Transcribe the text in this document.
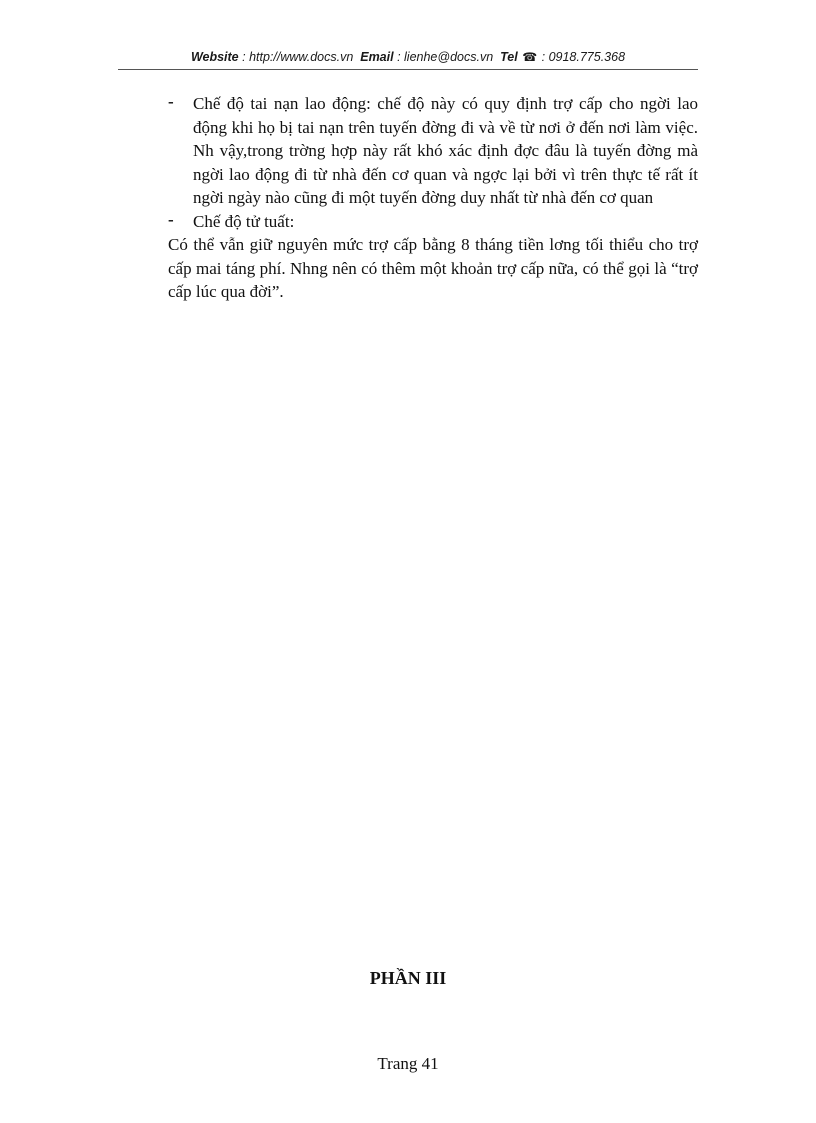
Website : http://www.docs.vn Email : lienhe@docs.vn Tel ☎ : 0918.775.368
- Chế độ tai nạn lao động: chế độ này có quy định trợ cấp cho ngời lao động khi họ bị tai nạn trên tuyến đờng đi và về từ nơi ở đến nơi làm việc. Nh vậy,trong trờng hợp này rất khó xác định đợc đâu là tuyến đờng mà ngời lao động đi từ nhà đến cơ quan và ngợc lại bởi vì trên thực tế rất ít ngời ngày nào cũng đi một tuyến đờng duy nhất từ nhà đến cơ quan
- Chế độ tử tuất:
Có thể vẫn giữ nguyên mức trợ cấp bằng 8 tháng tiền lơng tối thiểu cho trợ cấp mai táng phí. Nhng nên có thêm một khoản trợ cấp nữa, có thể gọi là “trợ cấp lúc qua đời”.
PHẦN III
Trang 41
